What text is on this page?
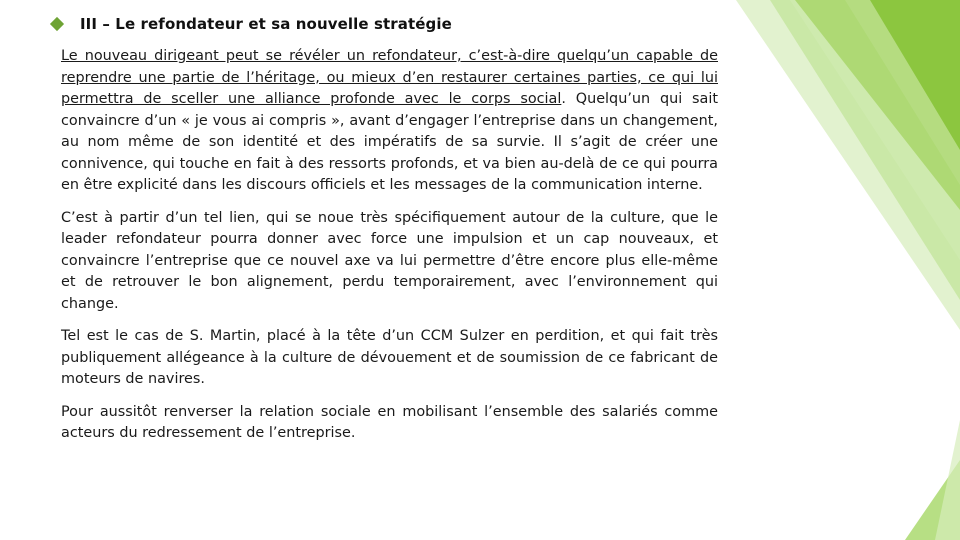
III – Le refondateur et sa nouvelle stratégie

Le nouveau dirigeant peut se révéler un refondateur, c’est-à-dire quelqu’un capable de reprendre une partie de l’héritage, ou mieux d’en restaurer certaines parties, ce qui lui permettra de sceller une alliance profonde avec le corps social. Quelqu’un qui sait convaincre d’un « je vous ai compris », avant d’engager l’entreprise dans un changement, au nom même de son identité et des impératifs de sa survie. Il s’agit de créer une connivence, qui touche en fait à des ressorts profonds, et va bien au-delà de ce qui pourra en être explicité dans les discours officiels et les messages de la communication interne.

C’est à partir d’un tel lien, qui se noue très spécifiquement autour de la culture, que le leader refondateur pourra donner avec force une impulsion et un cap nouveaux, et convaincre l’entreprise que ce nouvel axe va lui permettre d’être encore plus elle-même et de retrouver le bon alignement, perdu temporairement, avec l’environnement qui change.

Tel est le cas de S. Martin, placé à la tête d’un CCM Sulzer en perdition, et qui fait très publiquement allégeance à la culture de dévouement et de soumission de ce fabricant de moteurs de navires.

Pour aussitôt renverser la relation sociale en mobilisant l’ensemble des salariés comme acteurs du redressement de l’entreprise.
